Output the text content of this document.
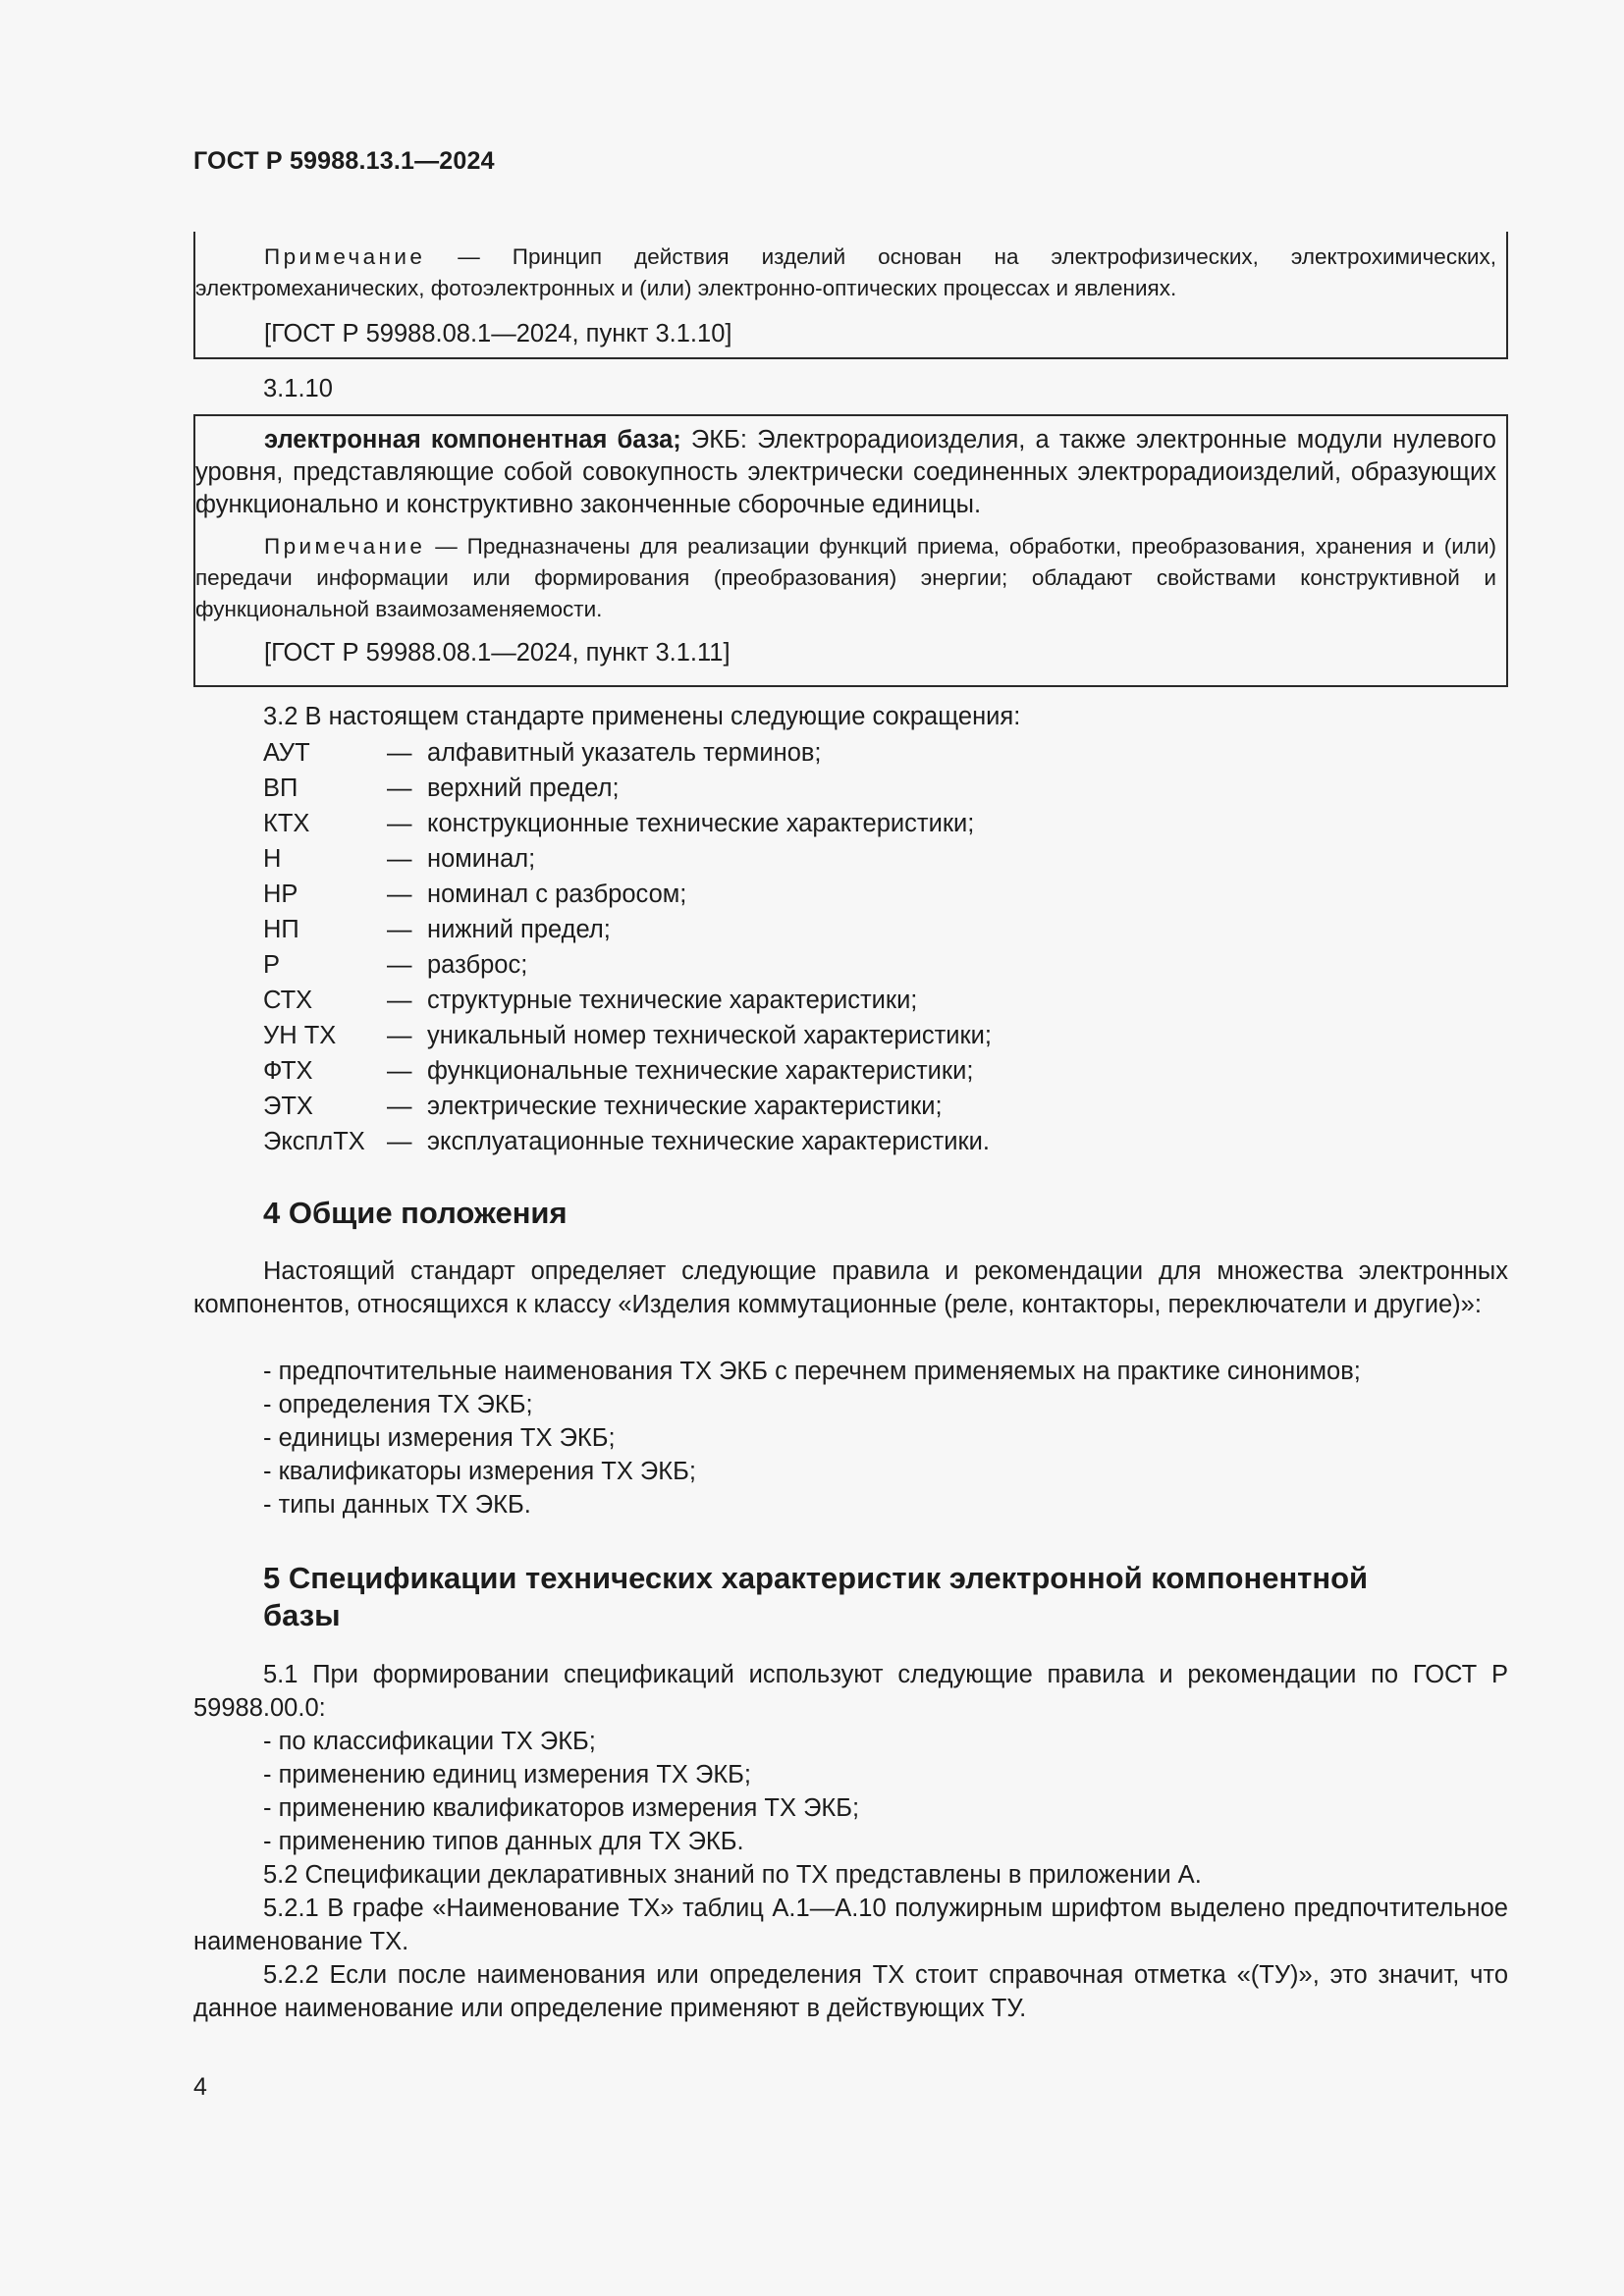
ГОСТ Р 59988.13.1—2024

Примечание — Принцип действия изделий основан на электрофизических, электрохимических, электромеханических, фотоэлектронных и (или) электронно-оптических процессах и явлениях.

[ГОСТ Р 59988.08.1—2024, пункт 3.1.10]
3.1.10

электронная компонентная база; ЭКБ: Электрорадиоизделия, а также электронные модули нулевого уровня, представляющие собой совокупность электрически соединенных электрорадиоизделий, образующих функционально и конструктивно законченные сборочные единицы.

Примечание — Предназначены для реализации функций приема, обработки, преобразования, хранения и (или) передачи информации или формирования (преобразования) энергии; обладают свойствами конструктивной и функциональной взаимозаменяемости.

[ГОСТ Р 59988.08.1—2024, пункт 3.1.11]
3.2 В настоящем стандарте применены следующие сокращения:
АУТ	— алфавитный указатель терминов;
ВП	— верхний предел;
КТХ	— конструкционные технические характеристики;
Н	— номинал;
НР	— номинал с разбросом;
НП	— нижний предел;
Р	— разброс;
СТХ	— структурные технические характеристики;
УН ТХ	— уникальный номер технической характеристики;
ФТХ	— функциональные технические характеристики;
ЭТХ	— электрические технические характеристики;
ЭксплТХ — эксплуатационные технические характеристики.
4 Общие положения
Настоящий стандарт определяет следующие правила и рекомендации для множества электронных компонентов, относящихся к классу «Изделия коммутационные (реле, контакторы, переключатели и другие)»:
- предпочтительные наименования ТХ ЭКБ с перечнем применяемых на практике синонимов;
- определения ТХ ЭКБ;
- единицы измерения ТХ ЭКБ;
- квалификаторы измерения ТХ ЭКБ;
- типы данных ТХ ЭКБ.
5 Спецификации технических характеристик электронной компонентной
базы
5.1 При формировании спецификаций используют следующие правила и рекомендации по ГОСТ Р 59988.00.0:
- по классификации ТХ ЭКБ;
- применению единиц измерения ТХ ЭКБ;
- применению квалификаторов измерения ТХ ЭКБ;
- применению типов данных для ТХ ЭКБ.
5.2 Спецификации декларативных знаний по ТХ представлены в приложении А.
5.2.1 В графе «Наименование ТХ» таблиц А.1—А.10 полужирным шрифтом выделено предпочтительное наименование ТХ.
5.2.2 Если после наименования или определения ТХ стоит справочная отметка «(ТУ)», это значит, что данное наименование или определение применяют в действующих ТУ.
4
